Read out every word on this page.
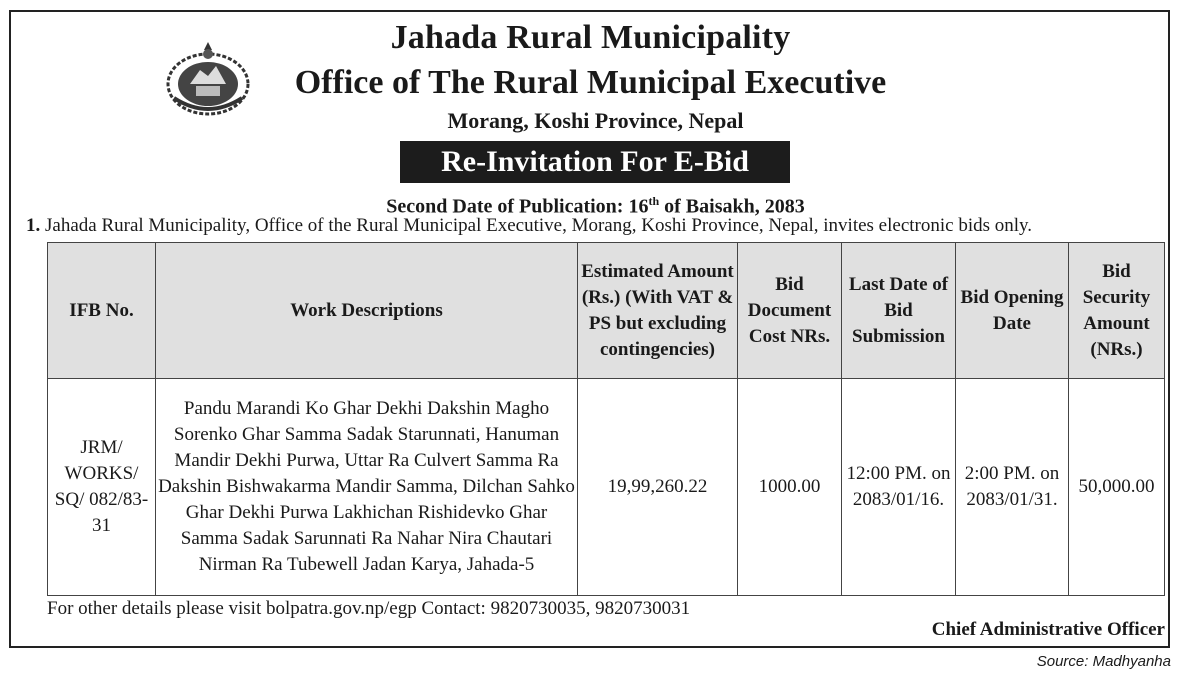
Jahada Rural Municipality
Office of The Rural Municipal Executive
Morang, Koshi Province, Nepal
Re-Invitation For E-Bid
Second Date of Publication: 16th of Baisakh, 2083
1. Jahada Rural Municipality, Office of the Rural Municipal Executive, Morang, Koshi Province, Nepal, invites electronic bids only.
IFB No.	Work Descriptions	Estimated Amount (Rs.) (With VAT & PS but excluding contingencies)	Bid Document Cost NRs.	Last Date of Bid Submission	Bid Opening Date	Bid Security Amount (NRs.)
JRM/ WORKS/ SQ/ 082/83-31	Pandu Marandi Ko Ghar Dekhi Dakshin Magho Sorenko Ghar Samma Sadak Starunnati, Hanuman Mandir Dekhi Purwa, Uttar Ra Culvert Samma Ra Dakshin Bishwakarma Mandir Samma, Dilchan Sahko Ghar Dekhi Purwa Lakhichan Rishidevko Ghar Samma Sadak Sarunnati Ra Nahar Nira Chautari Nirman Ra Tubewell Jadan Karya, Jahada-5	19,99,260.22	1000.00	12:00 PM. on 2083/01/16.	2:00 PM. on 2083/01/31.	50,000.00
For other details please visit bolpatra.gov.np/egp Contact: 9820730035, 9820730031
Chief Administrative Officer
Source: Madhyanha
